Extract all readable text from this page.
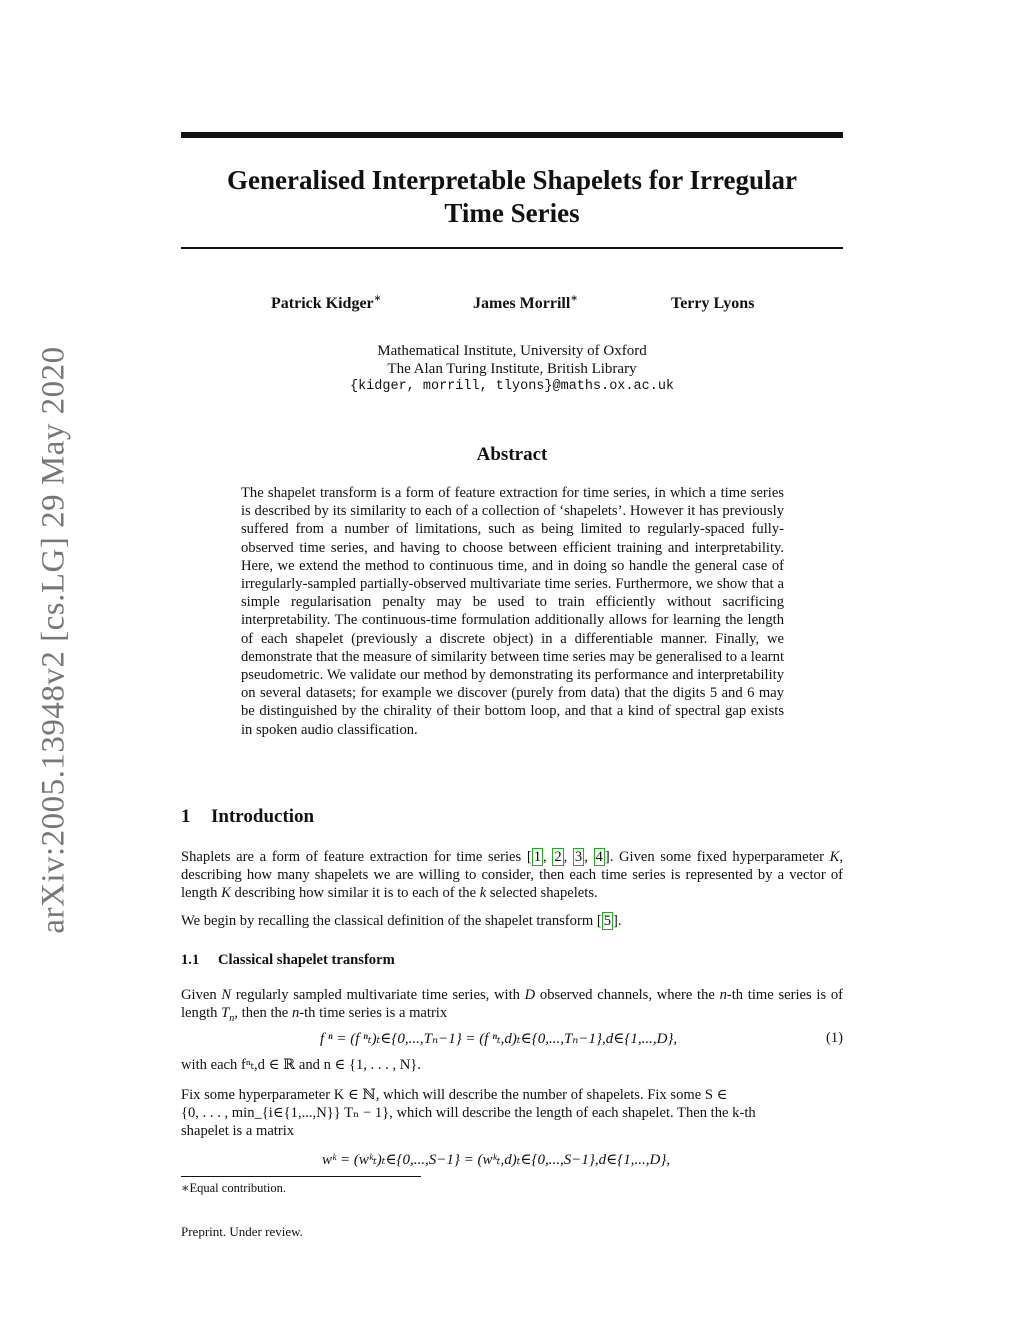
arXiv:2005.13948v2 [cs.LG] 29 May 2020
Generalised Interpretable Shapelets for Irregular
Time Series
Patrick Kidger∗	James Morrill∗	Terry Lyons
Mathematical Institute, University of Oxford
The Alan Turing Institute, British Library
{kidger, morrill, tlyons}@maths.ox.ac.uk
Abstract

The shapelet transform is a form of feature extraction for time series, in which a time series is described by its similarity to each of a collection of ‘shapelets’. However it has previously suffered from a number of limitations, such as being limited to regularly-spaced fully-observed time series, and having to choose between efficient training and interpretability. Here, we extend the method to continuous time, and in doing so handle the general case of irregularly-sampled partially-observed multivariate time series. Furthermore, we show that a simple regularisation penalty may be used to train efficiently without sacrificing interpretability. The continuous-time formulation additionally allows for learning the length of each shapelet (previously a discrete object) in a differentiable manner. Finally, we demonstrate that the measure of similarity between time series may be generalised to a learnt pseudometric. We validate our method by demonstrating its performance and interpretability on several datasets; for example we discover (purely from data) that the digits 5 and 6 may be distinguished by the chirality of their bottom loop, and that a kind of spectral gap exists in spoken audio classification.

1 Introduction

Shaplets are a form of feature extraction for time series [ 1 , 2 , 3 , 4 ]. Given some fixed hyperparameter K, describing how many shapelets we are willing to consider, then each time series is represented by a vector of length K describing how similar it is to each of the k selected shapelets.

We begin by recalling the classical definition of the shapelet transform [ 5 ].

1.1 Classical shapelet transform

Given N regularly sampled multivariate time series, with D observed channels, where the n-th time series is of length $T_n$, then the n-th time series is a matrix

f ⁿ = (f ⁿₜ)ₜ∈{0,...,Tₙ−1} = (f ⁿₜ,d)ₜ∈{0,...,Tₙ−1},d∈{1,...,D},	(1)

with each fⁿₜ,d ∈ ℝ and n ∈ {1, . . . , N}.

Fix some hyperparameter K ∈ ℕ, which will describe the number of shapelets. Fix some S ∈

{0, . . . , min_{i∈{1,...,N}} Tₙ − 1}, which will describe the length of each shapelet. Then the k-th

shapelet is a matrix

wᵏ = (wᵏₜ)ₜ∈{0,...,S−1} = (wᵏₜ,d)ₜ∈{0,...,S−1},d∈{1,...,D},
∗Equal contribution.
Preprint. Under review.
